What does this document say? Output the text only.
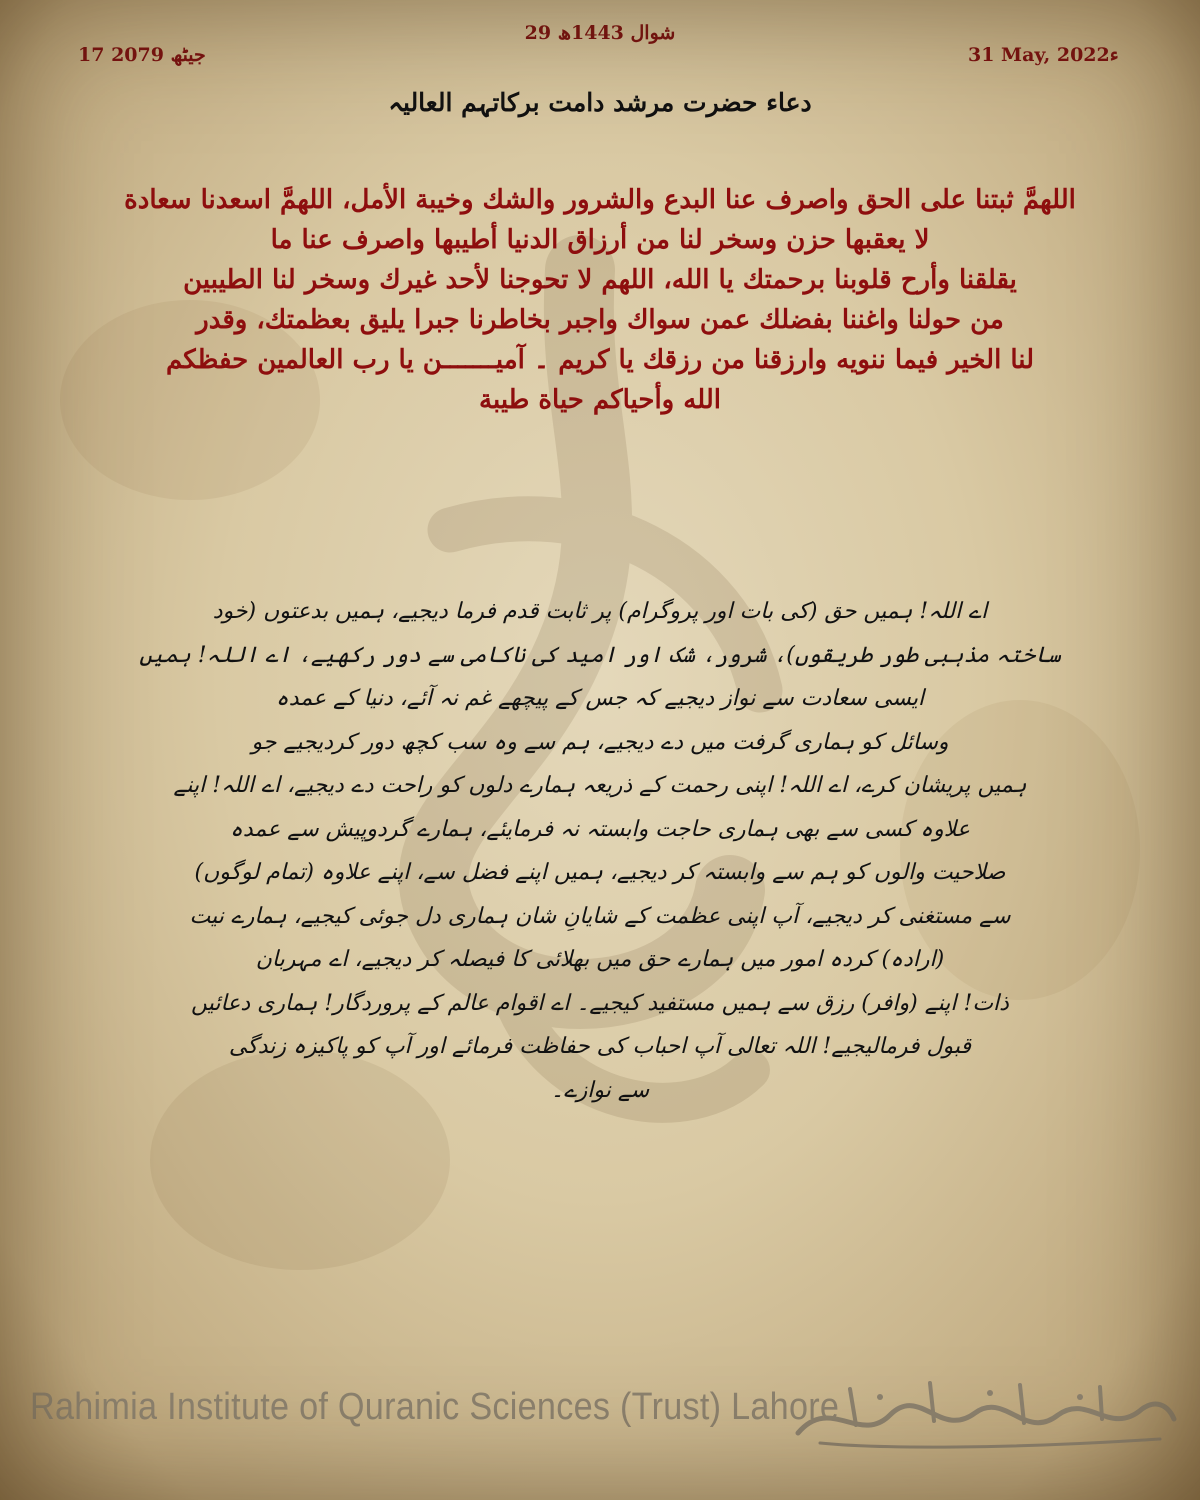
29 شوال 1443ھ
31 May, 2022ء
17 جیٹھ 2079
دعاء حضرت مرشد دامت برکاتہم العالیہ
اللهمَّ ثبتنا على الحق واصرف عنا البدع والشرور والشك وخيبة الأمل، اللهمَّ اسعدنا سعادة
لا يعقبها حزن وسخر لنا من أرزاق الدنيا أطيبها واصرف عنا ما
يقلقنا وأرح قلوبنا برحمتك يا الله، اللهم لا تحوجنا لأحد غيرك وسخر لنا الطيبين
من حولنا واغننا بفضلك عمن سواك واجبر بخاطرنا جبرا يليق بعظمتك، وقدر
لنا الخير فيما ننويه وارزقنا من رزقك يا كريم ۔ آمیـــــــن يا رب العالمين حفظكم
الله وأحياكم حياة طيبة
اے اللہ! ہمیں حق (کی بات اور پروگرام) پر ثابت قدم فرما دیجیے، ہمیں بدعتوں (خود
ساختہ مذہبی طور طریقوں)، شرور، شک اور امید کی ناکامی سے دور رکھیے، اے اللہ! ہمیں
ایسی سعادت سے نواز دیجیے کہ جس کے پیچھے غم نہ آئے، دنیا کے عمدہ
وسائل کو ہماری گرفت میں دے دیجیے، ہم سے وہ سب کچھ دور کردیجیے جو
ہمیں پریشان کرے، اے اللہ! اپنی رحمت کے ذریعہ ہمارے دلوں کو راحت دے دیجیے، اے اللہ! اپنے
علاوہ کسی سے بھی ہماری حاجت وابستہ نہ فرمایئے، ہمارے گردوپیش سے عمدہ
صلاحیت والوں کو ہم سے وابستہ کر دیجیے، ہمیں اپنے فضل سے، اپنے علاوہ (تمام لوگوں)
سے مستغنی کر دیجیے، آپ اپنی عظمت کے شایانِ شان ہماری دل جوئی کیجیے، ہمارے نیت
(ارادہ) کردہ امور میں ہمارے حق میں بھلائی کا فیصلہ کر دیجیے، اے مہربان
ذات! اپنے (وافر) رزق سے ہمیں مستفید کیجیے۔ اے اقوام عالم کے پروردگار! ہماری دعائیں
قبول فرمالیجیے! اللہ تعالی آپ احباب کی حفاظت فرمائے اور آپ کو پاکیزہ زندگی
سے نوازے۔
Rahimia Institute of Quranic Sciences (Trust) Lahore
